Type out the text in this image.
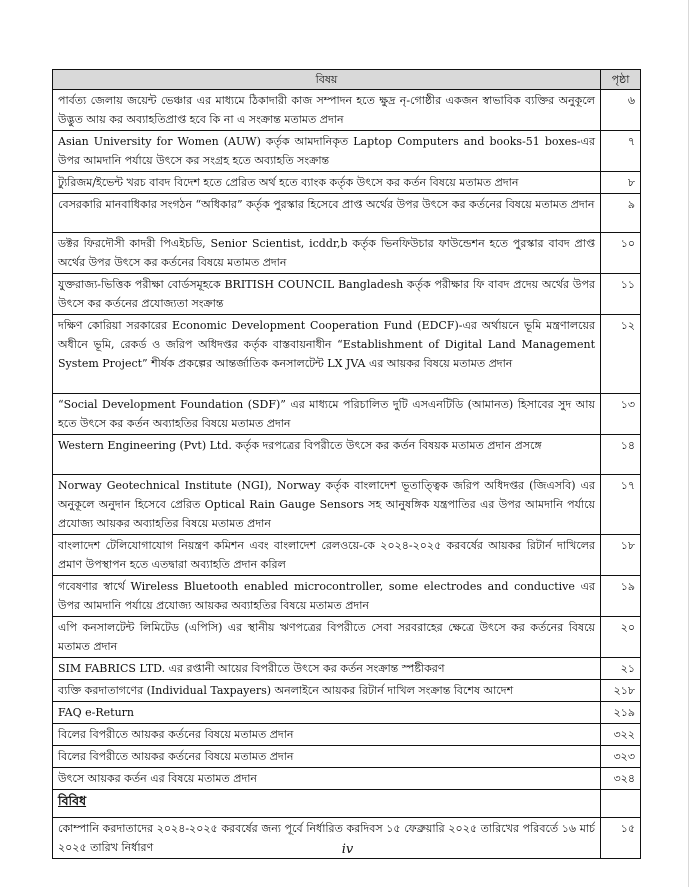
বিষয়	পৃষ্ঠা
পার্বত্য জেলায় জয়েন্ট ভেঞ্চার এর মাধ্যমে ঠিকাদারী কাজ সম্পাদন হতে ক্ষুদ্র নৃ-গোষ্ঠীর একজন স্বাভাবিক ব্যক্তির অনুকূলে উদ্ভুত আয় কর অব্যাহতিপ্রাপ্ত হবে কি না এ সংক্রান্ত মতামত প্রদান	৬
Asian University for Women (AUW) কর্তৃক আমদানিকৃত Laptop Computers and books-51 boxes-এর উপর আমদানি পর্যায়ে উৎসে কর সংগ্রহ হতে অব্যাহতি সংক্রান্ত	৭
ট্যুরিজম/ইভেন্ট খরচ বাবদ বিদেশ হতে প্রেরিত অর্থ হতে ব্যাংক কর্তৃক উৎসে কর কর্তন বিষয়ে মতামত প্রদান	৮
বেসরকারি মানবাধিকার সংগঠন “অধিকার” কর্তৃক পুরস্কার হিসেবে প্রাপ্ত অর্থের উপর উৎসে কর কর্তনের বিষয়ে মতামত প্রদান	৯
ডক্টর ফিরদৌসী কাদরী পিএইচডি, Senior Scientist, icddr,b কর্তৃক ভিনফিউচার ফাউন্ডেশন হতে পুরস্কার বাবদ প্রাপ্ত অর্থের উপর উৎসে কর কর্তনের বিষয়ে মতামত প্রদান	১০
যুক্তরাজ্য-ভিত্তিক পরীক্ষা বোর্ডসমূহকে BRITISH COUNCIL Bangladesh কর্তৃক পরীক্ষার ফি বাবদ প্রদেয় অর্থের উপর উৎসে কর কর্তনের প্রযোজ্যতা সংক্রান্ত	১১
দক্ষিণ কোরিয়া সরকারের Economic Development Cooperation Fund (EDCF)-এর অর্থায়নে ভূমি মন্ত্রণালয়ের অধীনে ভূমি, রেকর্ড ও জরিপ অধিদপ্তর কর্তৃক বাস্তবায়নাধীন “Establishment of Digital Land Management System Project” শীর্ষক প্রকল্পের আন্তর্জাতিক কনসালটেন্ট LX JVA এর আয়কর বিষয়ে মতামত প্রদান	১২
“Social Development Foundation (SDF)” এর মাধ্যমে পরিচালিত দুটি এসএনটিডি (আমানত) হিসাবের সুদ আয় হতে উৎসে কর কর্তন অব্যাহতির বিষয়ে মতামত প্রদান	১৩
Western Engineering (Pvt) Ltd. কর্তৃক দরপত্রের বিপরীতে উৎসে কর কর্তন বিষয়ক মতামত প্রদান প্রসঙ্গে	১৪
Norway Geotechnical Institute (NGI), Norway কর্তৃক বাংলাদেশ ভূতাত্ত্বিক জরিপ অধিদপ্তর (জিএসবি) এর অনুকূলে অনুদান হিসেবে প্রেরিত Optical Rain Gauge Sensors সহ আনুষঙ্গিক যন্ত্রপাতির এর উপর আমদানি পর্যায়ে প্রযোজ্য আয়কর অব্যাহতির বিষয়ে মতামত প্রদান	১৭
বাংলাদেশ টেলিযোগাযোগ নিয়ন্ত্রণ কমিশন এবং বাংলাদেশ রেলওয়ে-কে ২০২৪-২০২৫ করবর্ষের আয়কর রিটার্ন দাখিলের প্রমাণ উপস্থাপন হতে এতদ্বারা অব্যাহতি প্রদান করিল	১৮
গবেষণার স্বার্থে Wireless Bluetooth enabled microcontroller, some electrodes and conductive এর উপর আমদানি পর্যায়ে প্রযোজ্য আয়কর অব্যাহতির বিষয়ে মতামত প্রদান	১৯
এপি কনসালটেন্ট লিমিটেড (এপিসি) এর স্থানীয় ঋণপত্রের বিপরীতে সেবা সরবরাহের ক্ষেত্রে উৎসে কর কর্তনের বিষয়ে মতামত প্রদান	২০
SIM FABRICS LTD. এর রপ্তানী আয়ের বিপরীতে উৎসে কর কর্তন সংক্রান্ত স্পষ্টীকরণ	২১
ব্যক্তি করদাতাগণের (Individual Taxpayers) অনলাইনে আয়কর রিটার্ন দাখিল সংক্রান্ত বিশেষ আদেশ	২১৮
FAQ e-Return	২১৯
বিলের বিপরীতে আয়কর কর্তনের বিষয়ে মতামত প্রদান	৩২২
বিলের বিপরীতে আয়কর কর্তনের বিষয়ে মতামত প্রদান	৩২৩
উৎসে আয়কর কর্তন এর বিষয়ে মতামত প্রদান	৩২৪
বিবিধ	
কোম্পানি করদাতাদের ২০২৪-২০২৫ করবর্ষের জন্য পূর্বে নির্ধারিত করদিবস ১৫ ফেব্রুয়ারি ২০২৫ তারিখের পরিবর্তে ১৬ মার্চ ২০২৫ তারিখ নির্ধারণ	১৫
iv
